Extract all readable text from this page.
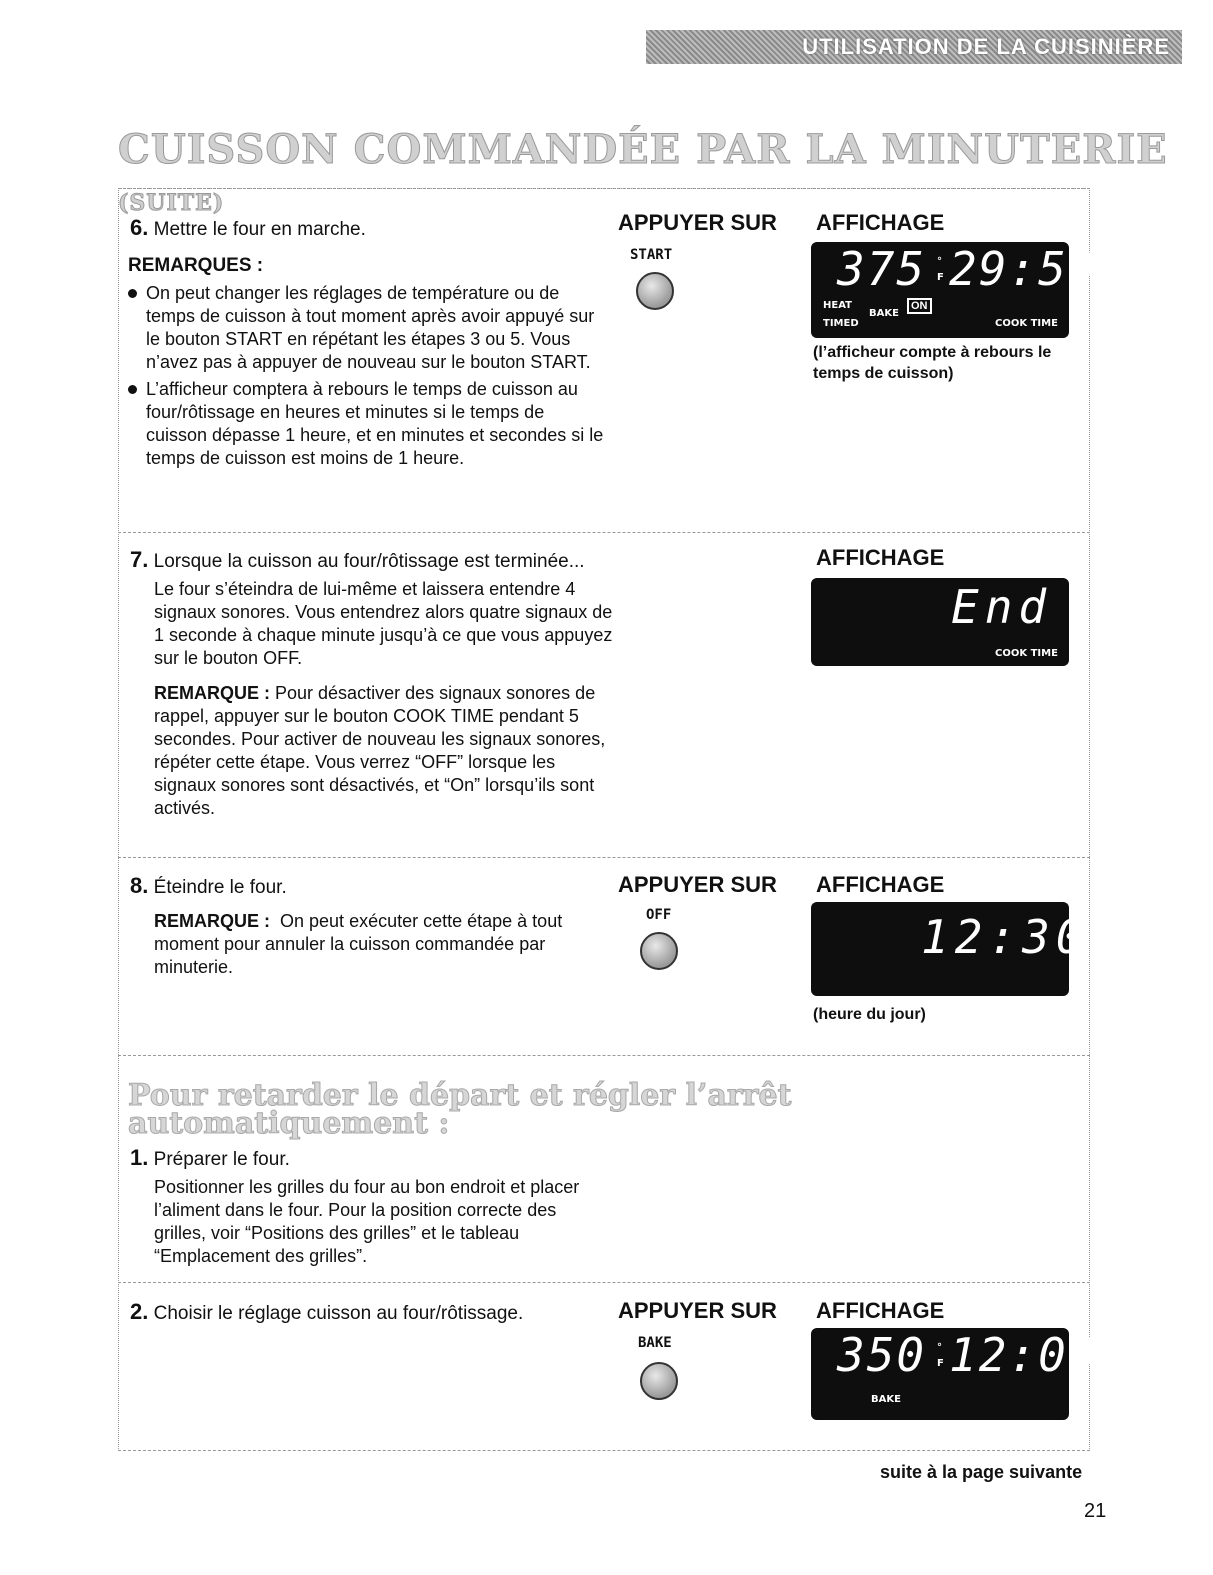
UTILISATION DE LA CUISINIÈRE
CUISSON COMMANDÉE PAR LA MINUTERIE (SUITE)
6. Mettre le four en marche.
REMARQUES :
On peut changer les réglages de température ou de temps de cuisson à tout moment après avoir appuyé sur le bouton START en répétant les étapes 3 ou 5. Vous n’avez pas à appuyer de nouveau sur le bouton START.
L’afficheur comptera à rebours le temps de cuisson au four/rôtissage en heures et minutes si le temps de cuisson dépasse 1 heure, et en minutes et secondes si le temps de cuisson est moins de 1 heure.
APPUYER SUR
START
AFFICHAGE
375 °
F 29:59
HEAT
TIMED
BAKE
ON
COOK TIME
(l’afficheur compte à rebours le temps de cuisson)
7. Lorsque la cuisson au four/rôtissage est terminée...
Le four s’éteindra de lui-même et laissera entendre 4 signaux sonores. Vous entendrez alors quatre signaux de 1 seconde à chaque minute jusqu’à ce que vous appuyez sur le bouton OFF.
REMARQUE : Pour désactiver des signaux sonores de rappel, appuyer sur le bouton COOK TIME pendant 5 secondes. Pour activer de nouveau les signaux sonores, répéter cette étape. Vous verrez “OFF” lorsque les signaux sonores sont désactivés, et “On” lorsqu’ils sont activés.
AFFICHAGE
End
COOK TIME
8. Éteindre le four.
REMARQUE : On peut exécuter cette étape à tout moment pour annuler la cuisson commandée par minuterie.
APPUYER SUR
OFF
AFFICHAGE
12:30
(heure du jour)
Pour retarder le départ et régler l’arrêt
automatiquement :
1. Préparer le four.
Positionner les grilles du four au bon endroit et placer l’aliment dans le four. Pour la position correcte des grilles, voir “Positions des grilles” et le tableau “Emplacement des grilles”.
2. Choisir le réglage cuisson au four/rôtissage.	APPUYER SUR
BAKE
AFFICHAGE
350 °
F 12:00
BAKE
suite à la page suivante
21
